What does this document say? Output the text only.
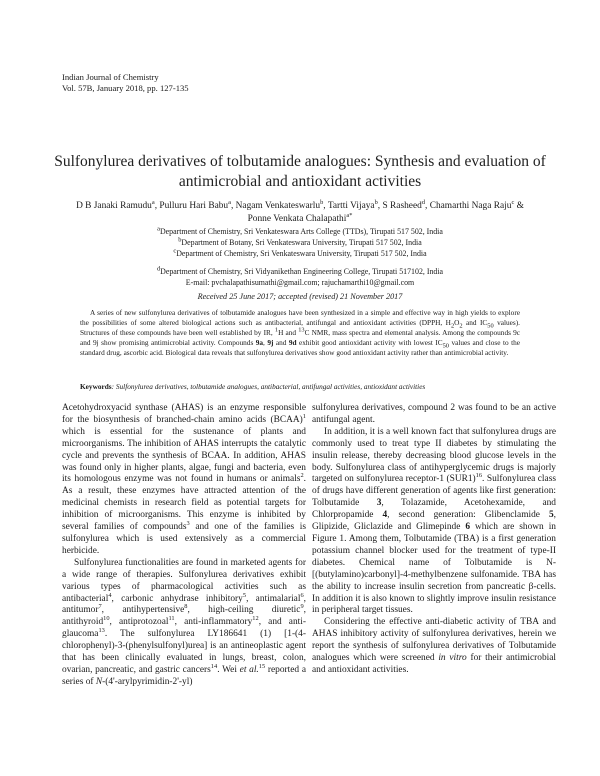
Indian Journal of Chemistry
Vol. 57B, January 2018, pp. 127-135
Sulfonylurea derivatives of tolbutamide analogues: Synthesis and evaluation of
antimicrobial and antioxidant activities
D B Janaki Ramudu$^a$, Pulluru Hari Babu$^a$, Nagam Venkateswarlu$^b$, Tartti Vijaya$^b$, S Rasheed$^d$, Chamarthi Naga Raju$^c$ &
Ponne Venkata Chalapathi$^{a*}$
$^a$Department of Chemistry, Sri Venkateswara Arts College (TTDs), Tirupati 517 502, India
$^b$Department of Botany, Sri Venkateswara University, Tirupati 517 502, India
$^c$Department of Chemistry, Sri Venkateswara University, Tirupati 517 502, India
$^d$Department of Chemistry, Sri Vidyanikethan Engineering College, Tirupati 517102, India
E-mail: pvchalapathisumathi@gmail.com; rajuchamarthi10@gmail.com
Received 25 June 2017; accepted (revised) 21 November 2017

A series of new sulfonylurea derivatives of tolbutamide analogues have been synthesized in a simple and effective way in high yields to explore the possibilities of some altered biological actions such as antibacterial, antifungal and antioxidant activities (DPPH, $H_2O_2$ and $IC_{50}$ values). Structures of these compounds have been well established by IR, $^1$H and $^{13}$C NMR, mass spectra and elemental analysis. Among the compounds 9c and 9j show promising antimicrobial activity. Compounds 9a, 9j and 9d exhibit good antioxidant activity with lowest $IC_{50}$ values and close to the standard drug, ascorbic acid. Biological data reveals that sulfonylurea derivatives show good antioxidant activity rather than antimicrobial activity.

Keywords: Sulfonylurea derivatives, tolbutamide analogues, antibacterial, antifungal activities, antioxidant activities

Acetohydroxyacid synthase (AHAS) is an enzyme responsible for the biosynthesis of branched-chain amino acids (BCAA)$^1$ which is essential for the sustenance of plants and microorganisms. The inhibition of AHAS interrupts the catalytic cycle and prevents the synthesis of BCAA. In addition, AHAS was found only in higher plants, algae, fungi and bacteria, even its homologous enzyme was not found in humans or animals$^2$. As a result, these enzymes have attracted attention of the medicinal chemists in research field as potential targets for inhibition of microorganisms. This enzyme is inhibited by several families of compounds$^3$ and one of the families is sulfonylurea which is used extensively as a commercial herbicide.

Sulfonylurea functionalities are found in marketed agents for a wide range of therapies. Sulfonylurea derivatives exhibit various types of pharmacological activities such as antibacterial$^4$, carbonic anhydrase inhibitory$^5$, antimalarial$^6$, antitumor$^7$, antihypertensive$^8$, high-ceiling diuretic$^9$, antithyroid$^{10}$, antiprotozoal$^{11}$, anti-inflammatory$^{12}$, and anti-glaucoma$^{13}$. The sulfonylurea LY186641 (1) [1-(4-chlorophenyl)-3-(phenylsulfonyl)urea] is an antineoplastic agent that has been clinically evaluated in lungs, breast, colon, ovarian, pancreatic, and gastric cancers$^{14}$. Wei et al.$^{15}$ reported a series of N-(4'-arylpyrimidin-2'-yl)

sulfonylurea derivatives, compound 2 was found to be an active antifungal agent.

In addition, it is a well known fact that sulfonylurea drugs are commonly used to treat type II diabetes by stimulating the insulin release, thereby decreasing blood glucose levels in the body. Sulfonylurea class of antihyperglycemic drugs is majorly targeted on sulfonylurea receptor-1 $(SUR1)^{16}$. Sulfonylurea class of drugs have different generation of agents like first generation: Tolbutamide 3, Tolazamide, Acetohexamide, and Chlorpropamide 4, second generation: Glibenclamide 5, Glipizide, Gliclazide and Glimepinde 6 which are shown in Figure 1. Among them, Tolbutamide (TBA) is a first generation potassium channel blocker used for the treatment of type-II diabetes. Chemical name of Tolbutamide is N-[(butylamino)carbonyl]-4-methylbenzene sulfonamide. TBA has the ability to increase insulin secretion from pancreatic β-cells. In addition it is also known to slightly improve insulin resistance in peripheral target tissues.

Considering the effective anti-diabetic activity of TBA and AHAS inhibitory activity of sulfonylurea derivatives, herein we report the synthesis of sulfonylurea derivatives of Tolbutamide analogues which were screened in vitro for their antimicrobial and antioxidant activities.
